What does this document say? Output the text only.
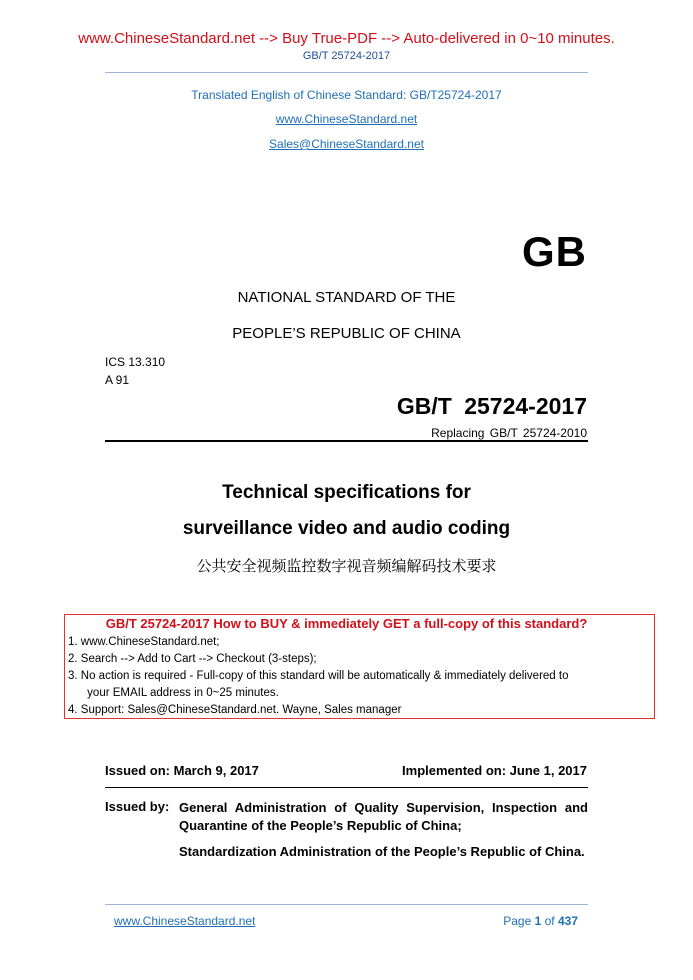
www.ChineseStandard.net --> Buy True-PDF --> Auto-delivered in 0~10 minutes.
GB/T 25724-2017
Translated English of Chinese Standard: GB/T25724-2017
www.ChineseStandard.net
Sales@ChineseStandard.net
GB
NATIONAL STANDARD OF THE
PEOPLE’S REPUBLIC OF CHINA
ICS 13.310
A 91
GB/T 25724-2017
Replacing GB/T 25724-2010
Technical specifications for
surveillance video and audio coding
公共安全视频监控数字视音频编解码技术要求
GB/T 25724-2017 How to BUY & immediately GET a full-copy of this standard?
1. www.ChineseStandard.net;
2. Search --> Add to Cart --> Checkout (3-steps);
3. No action is required - Full-copy of this standard will be automatically & immediately delivered to
your EMAIL address in 0~25 minutes.
4. Support: Sales@ChineseStandard.net. Wayne, Sales manager
Issued on: March 9, 2017	Implemented on: June 1, 2017
Issued by: General Administration of Quality Supervision, Inspection and Quarantine of the People’s Republic of China;
Standardization Administration of the People’s Republic of China.
www.ChineseStandard.net	Page 1 of 437
